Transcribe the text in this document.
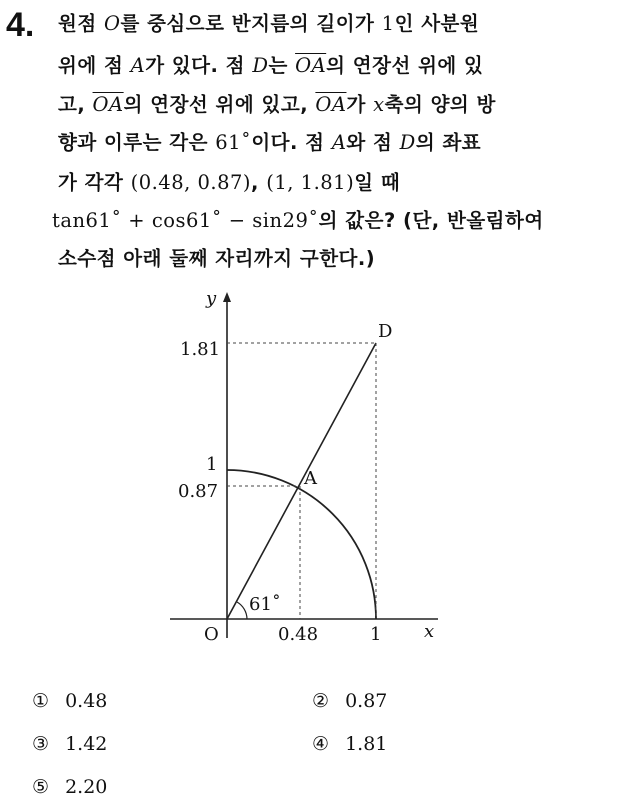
4. 원점 O를 중심으로 반지름의 길이가 1인 사분원
위에 점 A가 있다. 점 D는 $\overline{OA}$의 연장선 위에 있
고, $\overline{OA}$의 연장선 위에 있고, $\overline{OA}$가 x축의 양의 방
향과 이루는 각은 61˚이다. 점 A와 점 D의 좌표
가 각각 (0.48, 0.87), (1, 1.81)일 때
tan61˚ + cos61˚ − sin29˚의 값은? (단, 반올림하여
소수점 아래 둘째 자리까지 구한다.)
y
x
O
D
A
1.81
1
0.87
0.48	1
61˚
① 0.48	② 0.87
③ 1.42	④ 1.81
⑤ 2.20
